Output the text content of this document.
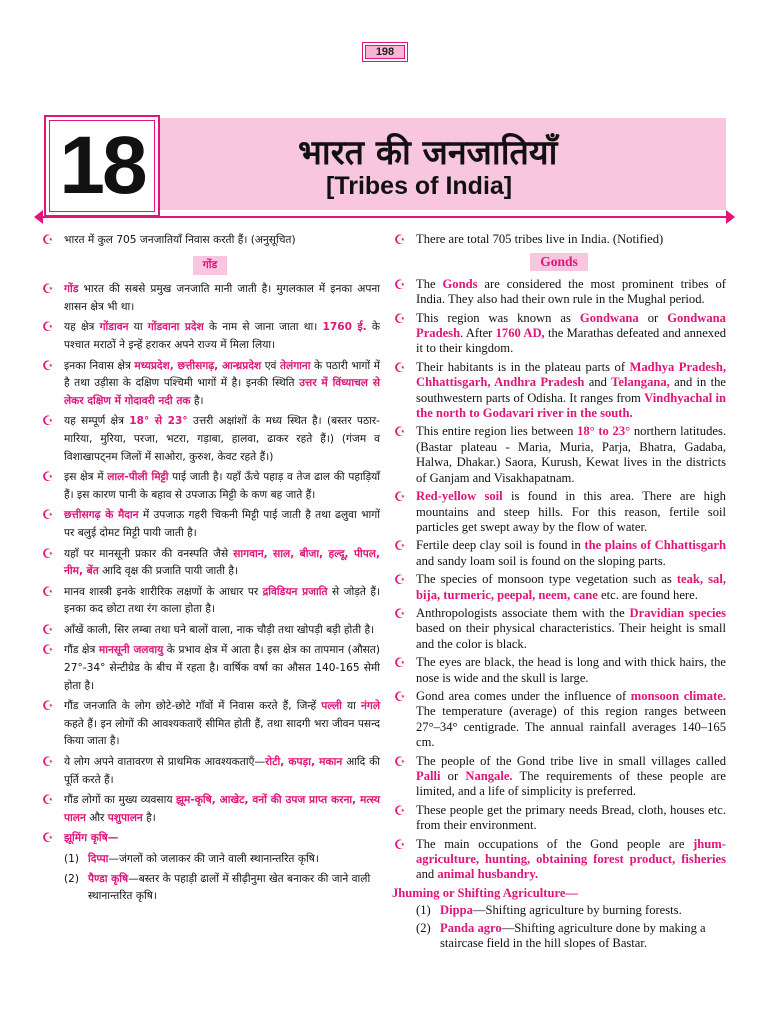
198
18	भारत की जनजातियाँ
[Tribes of India]
☪ भारत में कुल 705 जनजातियाँ निवास करती हैं। (अनुसूचित)
गोंड
☪ गोंड भारत की सबसे प्रमुख जनजाति मानी जाती है। मुगलकाल में इनका अपना शासन क्षेत्र भी था।
☪ यह क्षेत्र गोंडावन या गोंडवाना प्रदेश के नाम से जाना जाता था। 1760 ई. के पश्चात मराठों ने इन्हें हराकर अपने राज्य में मिला लिया।
☪ इनका निवास क्षेत्र मध्यप्रदेश, छत्तीसगढ़, आन्ध्रप्रदेश एवं तेलंगाना के पठारी भागों में है तथा उड़ीसा के दक्षिण पश्चिमी भागों में है। इनकी स्थिति उत्तर में विंध्याचल से लेकर दक्षिण में गोदावरी नदी तक है।
☪ यह सम्पूर्ण क्षेत्र 18° से 23° उत्तरी अक्षांशों के मध्य स्थित है। (बस्तर पठार- मारिया, मुरिया, परजा, भटरा, गड़ाबा, हालवा, ढाकर रहते हैं।) (गंजम व विशाखापट्नम जिलों में साओरा, कुरुश, केवट रहते हैं।)
☪ इस क्षेत्र में लाल-पीली मिट्टी पाई जाती है। यहाँ ऊँचे पहाड़ व तेज ढाल की पहाड़ियाँ हैं। इस कारण पानी के बहाव से उपजाऊ मिट्टी के कण बह जाते हैं।
☪ छत्तीसगढ़ के मैदान में उपजाऊ गहरी चिकनी मिट्टी पाई जाती है तथा ढलुवा भागों पर बलुई दोमट मिट्टी पायी जाती है।
☪ यहाँ पर मानसूनी प्रकार की वनस्पति जैसे सागवान, साल, बीजा, हल्दू, पीपल, नीम, बेंत आदि वृक्ष की प्रजाति पायी जाती है।
☪ मानव शास्त्री इनके शारीरिक लक्षणों के आधार पर द्रविडियन प्रजाति से जोड़ते हैं। इनका कद छोटा तथा रंग काला होता है।
☪ आँखें काली, सिर लम्बा तथा घने बालों वाला, नाक चौड़ी तथा खोपड़ी बड़ी होती है।
☪ गौंड क्षेत्र मानसूनी जलवायु के प्रभाव क्षेत्र में आता है। इस क्षेत्र का तापमान (औसत) 27°-34° सेन्टीग्रेड के बीच में रहता है। वार्षिक वर्षा का औसत 140-165 सेमी होता है।
☪ गौंड जनजाति के लोग छोटे-छोटे गाँवों में निवास करते हैं, जिन्हें पल्ली या नंगले कहते हैं। इन लोगों की आवश्यकताएँ सीमित होती हैं, तथा सादगी भरा जीवन पसन्द किया जाता है।
☪ ये लोग अपने वातावरण से प्राथमिक आवश्यकताएँ—रोटी, कपड़ा, मकान आदि की पूर्ति करते हैं।
☪ गौंड लोगों का मुख्य व्यवसाय झूम-कृषि, आखेट, वनों की उपज प्राप्त करना, मत्स्य पालन और पशुपालन है।
☪ झूमिंग कृषि—
(1) दिप्पा—जंगलों को जलाकर की जाने वाली स्थानान्तरित कृषि।
(2) पैण्डा कृषि—बस्तर के पहाड़ी ढालों में सीढ़ीनुमा खेत बनाकर की जाने वाली स्थानान्तरित कृषि।
☪ There are total 705 tribes live in India. (Notified)
Gonds
☪ The Gonds are considered the most prominent tribes of India. They also had their own rule in the Mughal period.
☪ This region was known as Gondwana or Gondwana Pradesh. After 1760 AD, the Marathas defeated and annexed it to their kingdom.
☪ Their habitants is in the plateau parts of Madhya Pradesh, Chhattisgarh, Andhra Pradesh and Telangana, and in the southwestern parts of Odisha. It ranges from Vindhyachal in the north to Godavari river in the south.
☪ This entire region lies between 18° to 23° northern latitudes. (Bastar plateau - Maria, Muria, Parja, Bhatra, Gadaba, Halwa, Dhakar.) Saora, Kurush, Kewat lives in the districts of Ganjam and Visakhapatnam.
☪ Red-yellow soil is found in this area. There are high mountains and steep hills. For this reason, fertile soil particles get swept away by the flow of water.
☪ Fertile deep clay soil is found in the plains of Chhattisgarh and sandy loam soil is found on the sloping parts.
☪ The species of monsoon type vegetation such as teak, sal, bija, turmeric, peepal, neem, cane etc. are found here.
☪ Anthropologists associate them with the Dravidian species based on their physical characteristics. Their height is small and the color is black.
☪ The eyes are black, the head is long and with thick hairs, the nose is wide and the skull is large.
☪ Gond area comes under the influence of monsoon climate. The temperature (average) of this region ranges between 27°–34° centigrade. The annual rainfall averages 140–165 cm.
☪ The people of the Gond tribe live in small villages called Palli or Nangale. The requirements of these people are limited, and a life of simplicity is preferred.
☪ These people get the primary needs Bread, cloth, houses etc. from their environment.
☪ The main occupations of the Gond people are jhum-agriculture, hunting, obtaining forest product, fisheries and animal husbandry.
Jhuming or Shifting Agriculture—
(1) Dippa—Shifting agriculture by burning forests.
(2) Panda agro—Shifting agriculture done by making a staircase field in the hill slopes of Bastar.
